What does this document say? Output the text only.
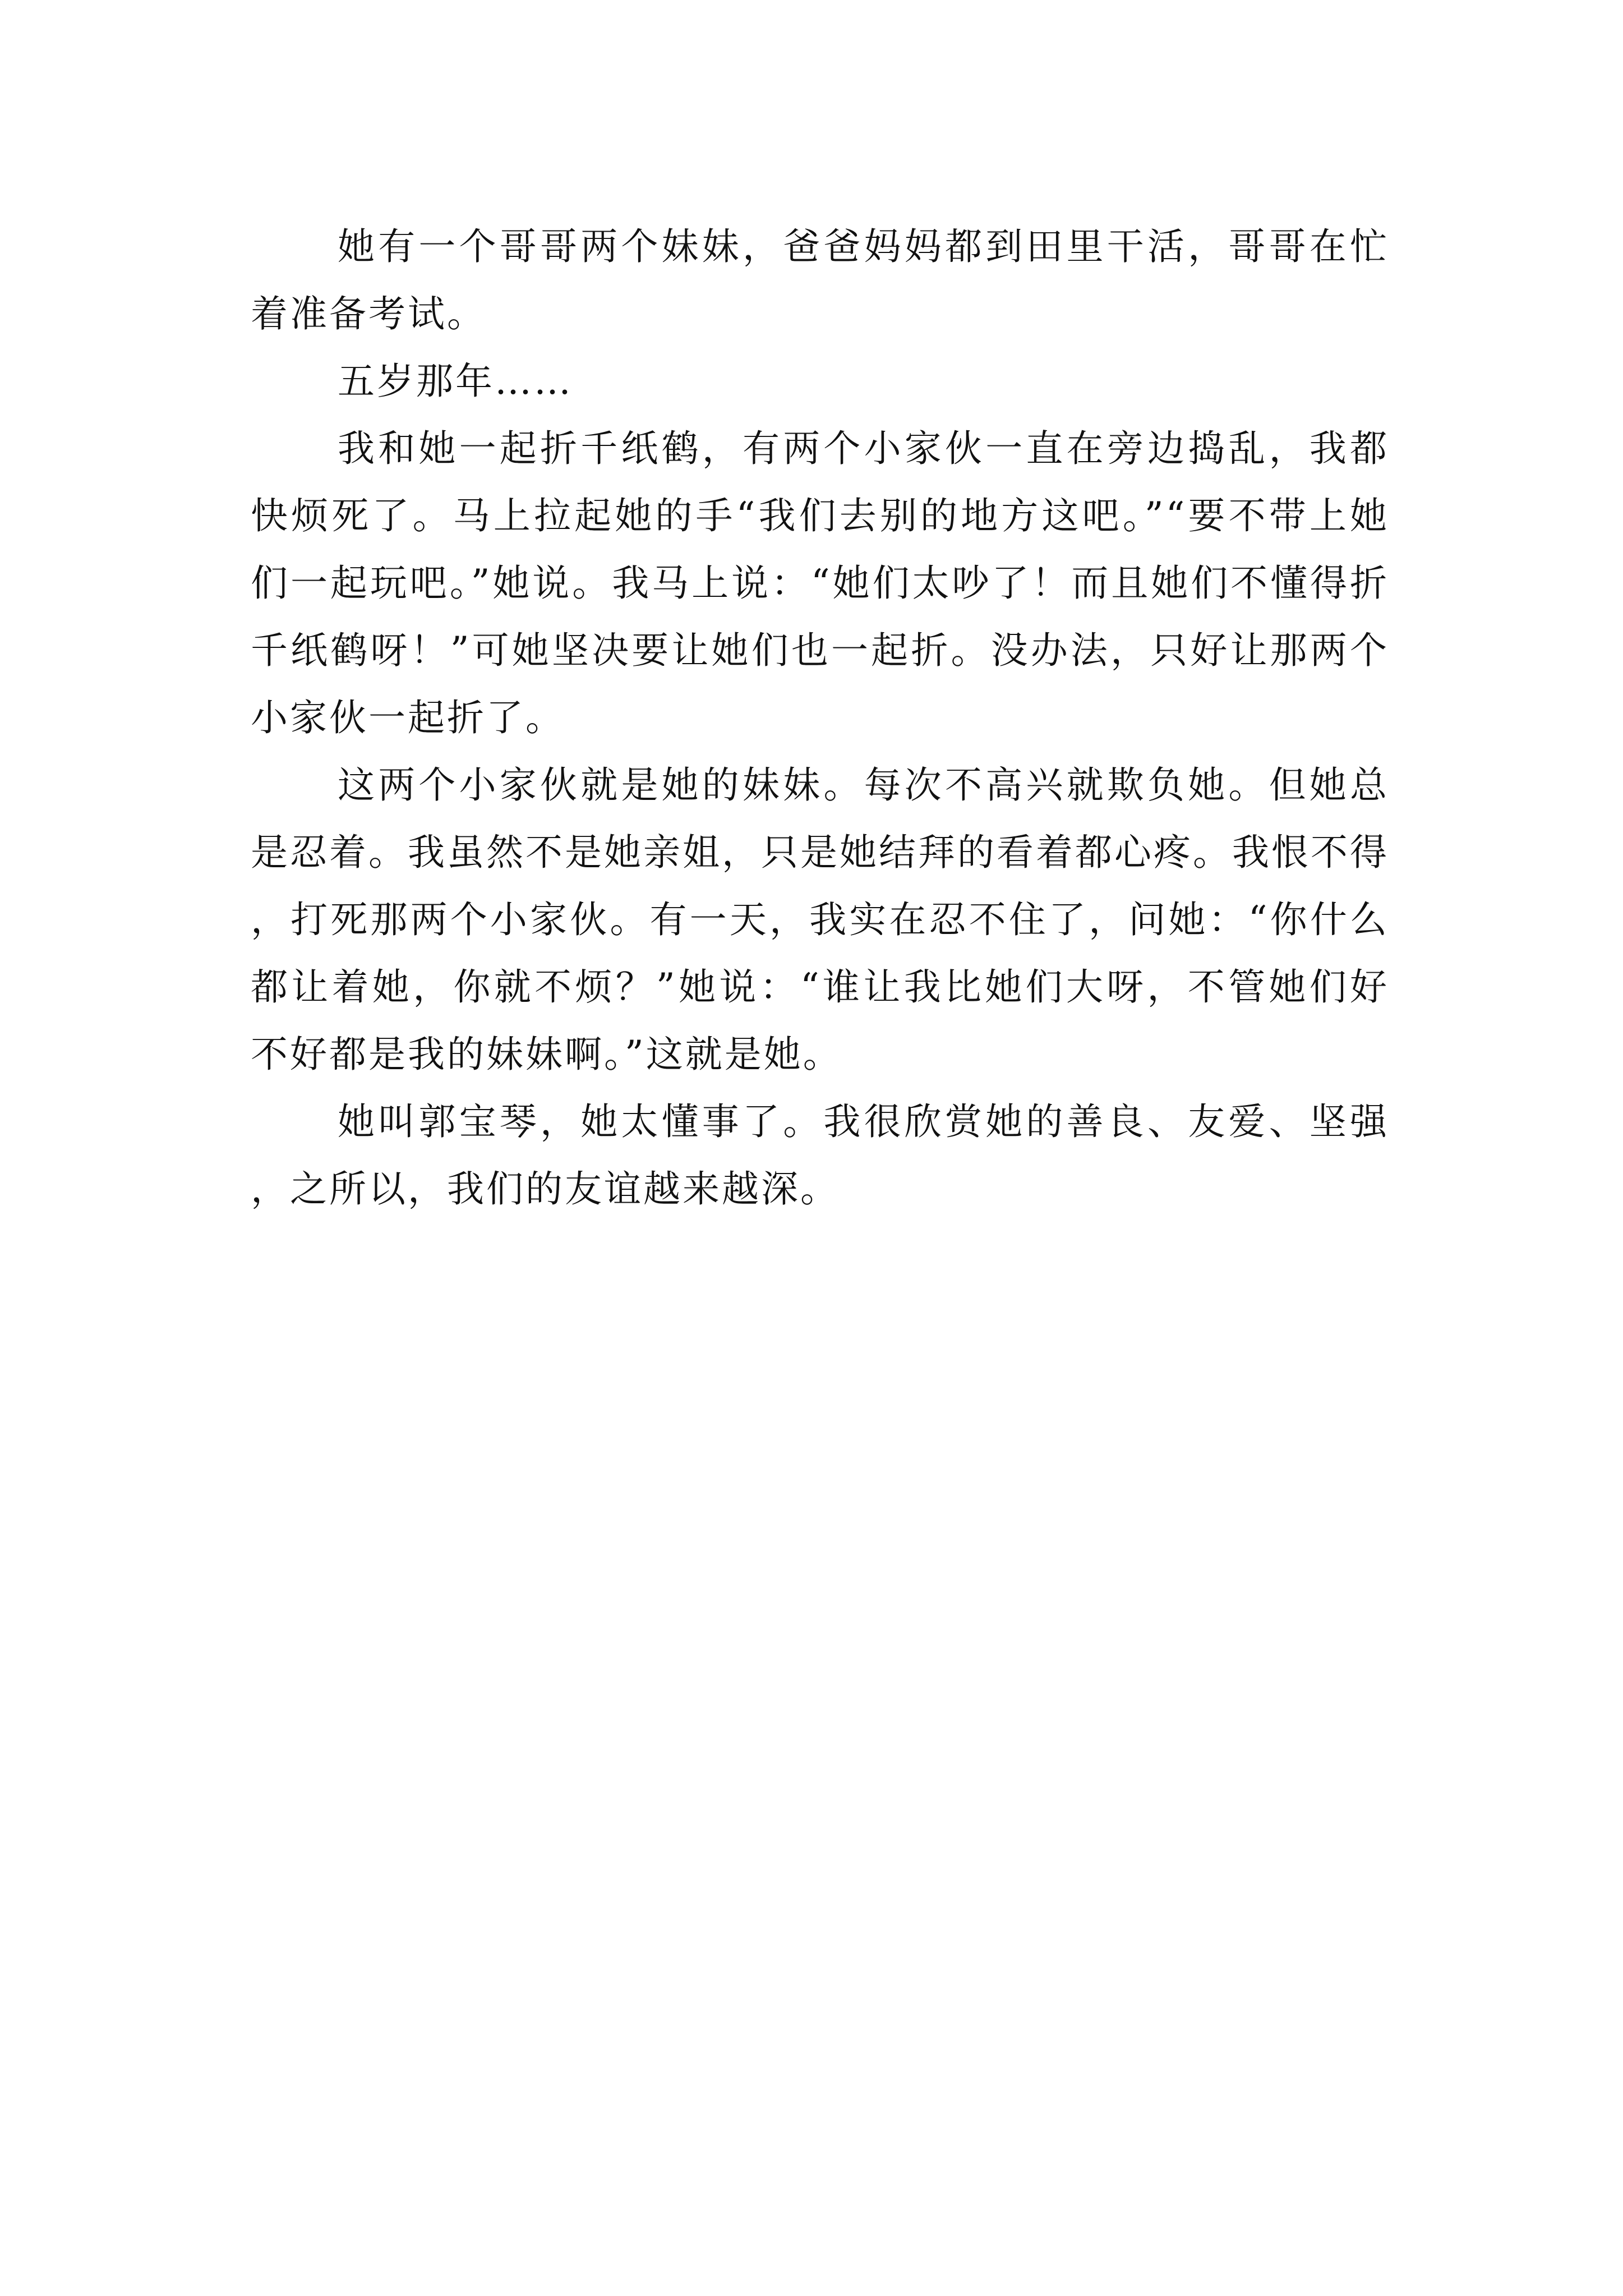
她有一个哥哥两个妹妹，爸爸妈妈都到田里干活，哥哥在忙着准备考试。

五岁那年……

我和她一起折千纸鹤，有两个小家伙一直在旁边捣乱，我都快烦死了。马上拉起她的手“我们去别的地方这吧。”“要不带上她们一起玩吧。”她说。我马上说：“她们太吵了！而且她们不懂得折千纸鹤呀！”可她坚决要让她们也一起折。没办法，只好让那两个小家伙一起折了。

这两个小家伙就是她的妹妹。每次不高兴就欺负她。但她总是忍着。我虽然不是她亲姐，只是她结拜的看着都心疼。我恨不得，打死那两个小家伙。有一天，我实在忍不住了，问她：“你什么都让着她，你就不烦？”她说：“谁让我比她们大呀，不管她们好不好都是我的妹妹啊。”这就是她。

她叫郭宝琴，她太懂事了。我很欣赏她的善良、友爱、坚强，之所以，我们的友谊越来越深。
